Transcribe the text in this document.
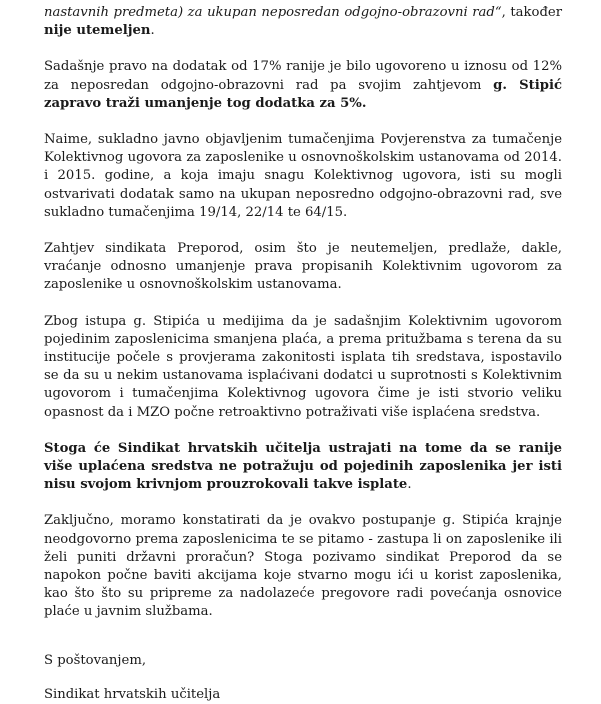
nastavnih predmeta) za ukupan neposredan odgojno-obrazovni rad“, također nije utemeljen.

Sadašnje pravo na dodatak od 17% ranije je bilo ugovoreno u iznosu od 12% za neposredan odgojno-obrazovni rad pa svojim zahtjevom g. Stipić zapravo traži umanjenje tog dodatka za 5%.

Naime, sukladno javno objavljenim tumačenjima Povjerenstva za tumačenje Kolektivnog ugovora za zaposlenike u osnovnoškolskim ustanovama od 2014. i 2015. godine, a koja imaju snagu Kolektivnog ugovora, isti su mogli ostvarivati dodatak samo na ukupan neposredno odgojno-obrazovni rad, sve sukladno tumačenjima 19/14, 22/14 te 64/15.

Zahtjev sindikata Preporod, osim što je neutemeljen, predlaže, dakle, vraćanje odnosno umanjenje prava propisanih Kolektivnim ugovorom za zaposlenike u osnovnoškolskim ustanovama.

Zbog istupa g. Stipića u medijima da je sadašnjim Kolektivnim ugovorom pojedinim zaposlenicima smanjena plaća, a prema pritužbama s terena da su institucije počele s provjerama zakonitosti isplata tih sredstava, ispostavilo se da su u nekim ustanovama isplaćivani dodatci u suprotnosti s Kolektivnim ugovorom i tumačenjima Kolektivnog ugovora čime je isti stvorio veliku opasnost da i MZO počne retroaktivno potraživati više isplaćena sredstva.

Stoga će Sindikat hrvatskih učitelja ustrajati na tome da se ranije više uplaćena sredstva ne potražuju od pojedinih zaposlenika jer isti nisu svojom krivnjom prouzrokovali takve isplate.

Zaključno, moramo konstatirati da je ovakvo postupanje g. Stipića krajnje neodgovorno prema zaposlenicima te se pitamo - zastupa li on zaposlenike ili želi puniti državni proračun? Stoga pozivamo sindikat Preporod da se napokon počne baviti akcijama koje stvarno mogu ići u korist zaposlenika, kao što što su pripreme za nadolazeće pregovore radi povećanja osnovice plaće u javnim službama.

S poštovanjem,

Sindikat hrvatskih učitelja
